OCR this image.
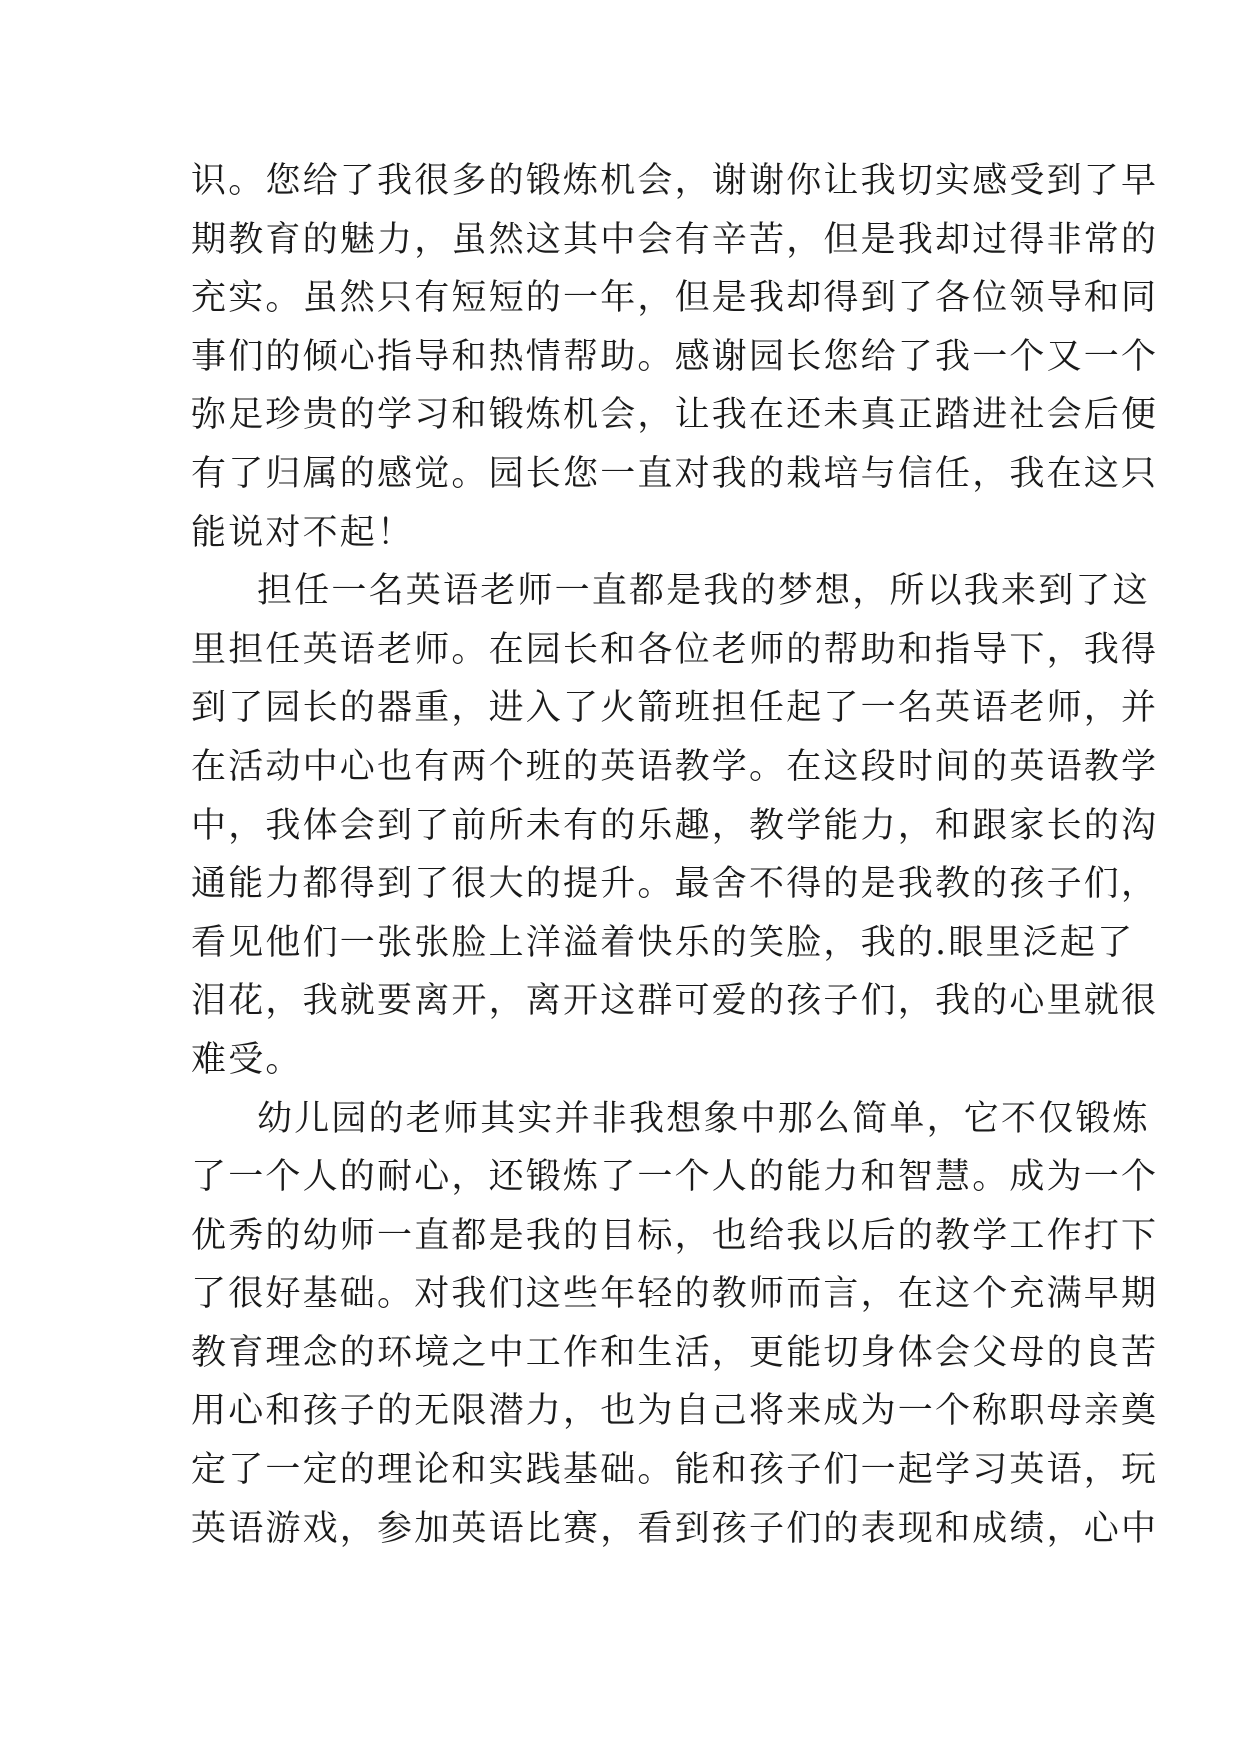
识。您给了我很多的锻炼机会，谢谢你让我切实感受到了早
期教育的魅力，虽然这其中会有辛苦，但是我却过得非常的
充实。虽然只有短短的一年，但是我却得到了各位领导和同
事们的倾心指导和热情帮助。感谢园长您给了我一个又一个
弥足珍贵的学习和锻炼机会，让我在还未真正踏进社会后便
有了归属的感觉。园长您一直对我的栽培与信任，我在这只
能说对不起！
担任一名英语老师一直都是我的梦想，所以我来到了这
里担任英语老师。在园长和各位老师的帮助和指导下，我得
到了园长的器重，进入了火箭班担任起了一名英语老师，并
在活动中心也有两个班的英语教学。在这段时间的英语教学
中，我体会到了前所未有的乐趣，教学能力，和跟家长的沟
通能力都得到了很大的提升。最舍不得的是我教的孩子们，
看见他们一张张脸上洋溢着快乐的笑脸，我的.眼里泛起了
泪花，我就要离开，离开这群可爱的孩子们，我的心里就很
难受。
幼儿园的老师其实并非我想象中那么简单，它不仅锻炼
了一个人的耐心，还锻炼了一个人的能力和智慧。成为一个
优秀的幼师一直都是我的目标，也给我以后的教学工作打下
了很好基础。对我们这些年轻的教师而言，在这个充满早期
教育理念的环境之中工作和生活，更能切身体会父母的良苦
用心和孩子的无限潜力，也为自己将来成为一个称职母亲奠
定了一定的理论和实践基础。能和孩子们一起学习英语，玩
英语游戏，参加英语比赛，看到孩子们的表现和成绩，心中
